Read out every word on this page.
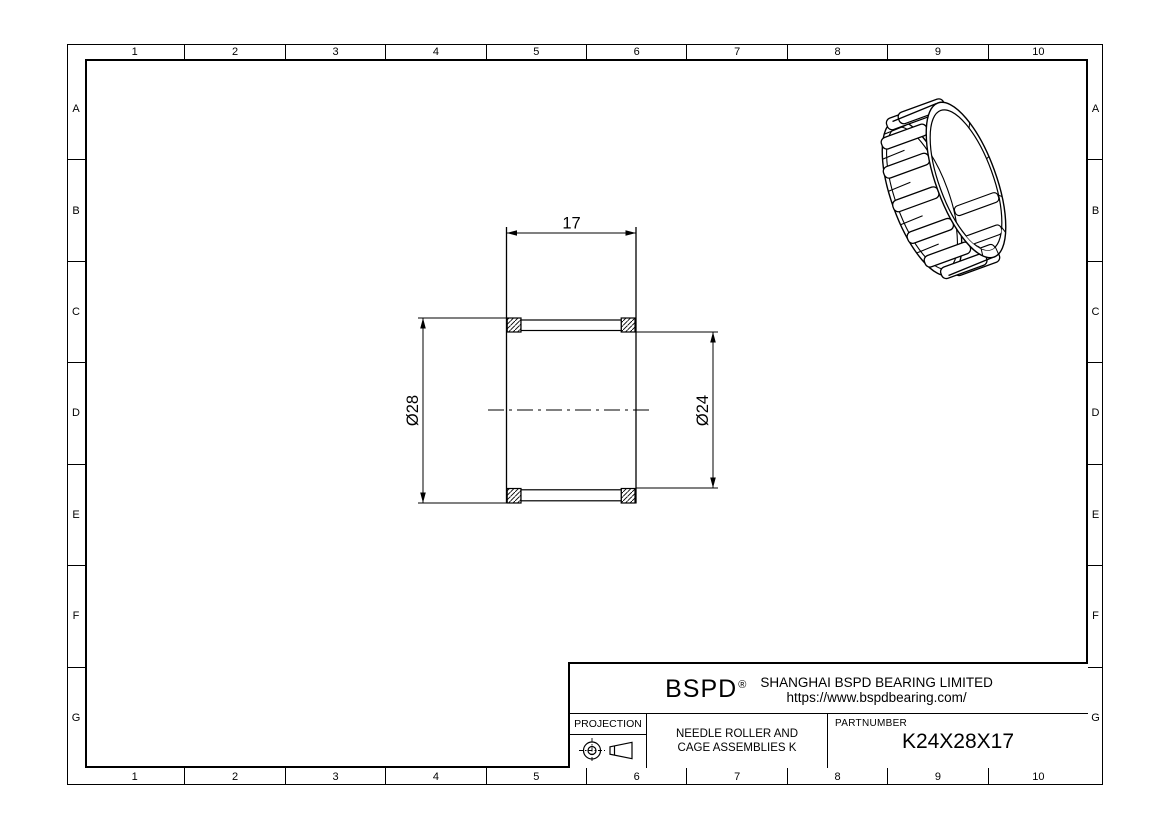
1	2	3	4	5	6	7	8	9	10
1	2	3	4	5	6	7	8	9	10
A
B
C
D
E
F
G
A
B
C
D
E
F
G
17
Ø28	Ø24
BSPD® SHANGHAI BSPD BEARING LIMITED
https://www.bspdbearing.com/
PROJECTION
NEEDLE ROLLER AND
CAGE ASSEMBLIES K
PARTNUMBER
K24X28X17
